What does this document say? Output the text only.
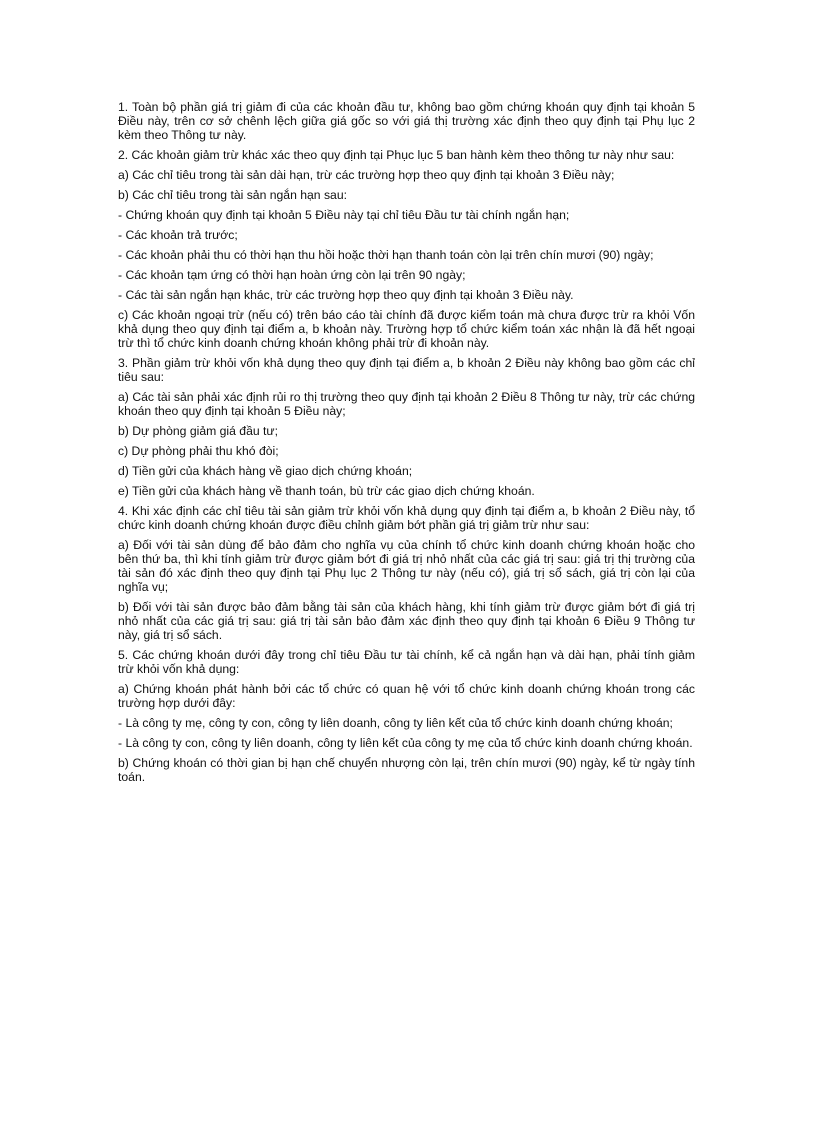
1. Toàn bộ phần giá trị giảm đi của các khoản đầu tư, không bao gồm chứng khoán quy định tại khoản 5 Điều này, trên cơ sở chênh lệch giữa giá gốc so với giá thị trường xác định theo quy định tại Phụ lục 2 kèm theo Thông tư này.

2. Các khoản giảm trừ khác xác theo quy định tại Phục lục 5 ban hành kèm theo thông tư này như sau:

a) Các chỉ tiêu trong tài sản dài hạn, trừ các trường hợp theo quy định tại khoản 3 Điều này;

b) Các chỉ tiêu trong tài sản ngắn hạn sau:

- Chứng khoán quy định tại khoản 5 Điều này tại chỉ tiêu Đầu tư tài chính ngắn hạn;

- Các khoản trả trước;

- Các khoản phải thu có thời hạn thu hồi hoặc thời hạn thanh toán còn lại trên chín mươi (90) ngày;

- Các khoản tạm ứng có thời hạn hoàn ứng còn lại trên 90 ngày;

- Các tài sản ngắn hạn khác, trừ các trường hợp theo quy định tại khoản 3 Điều này.

c) Các khoản ngoại trừ (nếu có) trên báo cáo tài chính đã được kiểm toán mà chưa được trừ ra khỏi Vốn khả dụng theo quy định tại điểm a, b khoản này. Trường hợp tổ chức kiểm toán xác nhận là đã hết ngoại trừ thì tổ chức kinh doanh chứng khoán không phải trừ đi khoản này.

3. Phần giảm trừ khỏi vốn khả dụng theo quy định tại điểm a, b khoản 2 Điều này không bao gồm các chỉ tiêu sau:

a) Các tài sản phải xác định rủi ro thị trường theo quy định tại khoản 2 Điều 8 Thông tư này, trừ các chứng khoán theo quy định tại khoản 5 Điều này;

b) Dự phòng giảm giá đầu tư;

c) Dự phòng phải thu khó đòi;

d) Tiền gửi của khách hàng về giao dịch chứng khoán;

e) Tiền gửi của khách hàng về thanh toán, bù trừ các giao dịch chứng khoán.

4. Khi xác định các chỉ tiêu tài sản giảm trừ khỏi vốn khả dụng quy định tại điểm a, b khoản 2 Điều này, tổ chức kinh doanh chứng khoán được điều chỉnh giảm bớt phần giá trị giảm trừ như sau:

a) Đối với tài sản dùng để bảo đảm cho nghĩa vụ của chính tổ chức kinh doanh chứng khoán hoặc cho bên thứ ba, thì khi tính giảm trừ được giảm bớt đi giá trị nhỏ nhất của các giá trị sau: giá trị thị trường của tài sản đó xác định theo quy định tại Phụ lục 2 Thông tư này (nếu có), giá trị sổ sách, giá trị còn lại của nghĩa vụ;

b) Đối với tài sản được bảo đảm bằng tài sản của khách hàng, khi tính giảm trừ được giảm bớt đi giá trị nhỏ nhất của các giá trị sau: giá trị tài sản bảo đảm xác định theo quy định tại khoản 6 Điều 9 Thông tư này, giá trị sổ sách.

5. Các chứng khoán dưới đây trong chỉ tiêu Đầu tư tài chính, kể cả ngắn hạn và dài hạn, phải tính giảm trừ khỏi vốn khả dụng:

a) Chứng khoán phát hành bởi các tổ chức có quan hệ với tổ chức kinh doanh chứng khoán trong các trường hợp dưới đây:

- Là công ty mẹ, công ty con, công ty liên doanh, công ty liên kết của tổ chức kinh doanh chứng khoán;

- Là công ty con, công ty liên doanh, công ty liên kết của công ty mẹ của tổ chức kinh doanh chứng khoán.

b) Chứng khoán có thời gian bị hạn chế chuyển nhượng còn lại, trên chín mươi (90) ngày, kể từ ngày tính toán.
